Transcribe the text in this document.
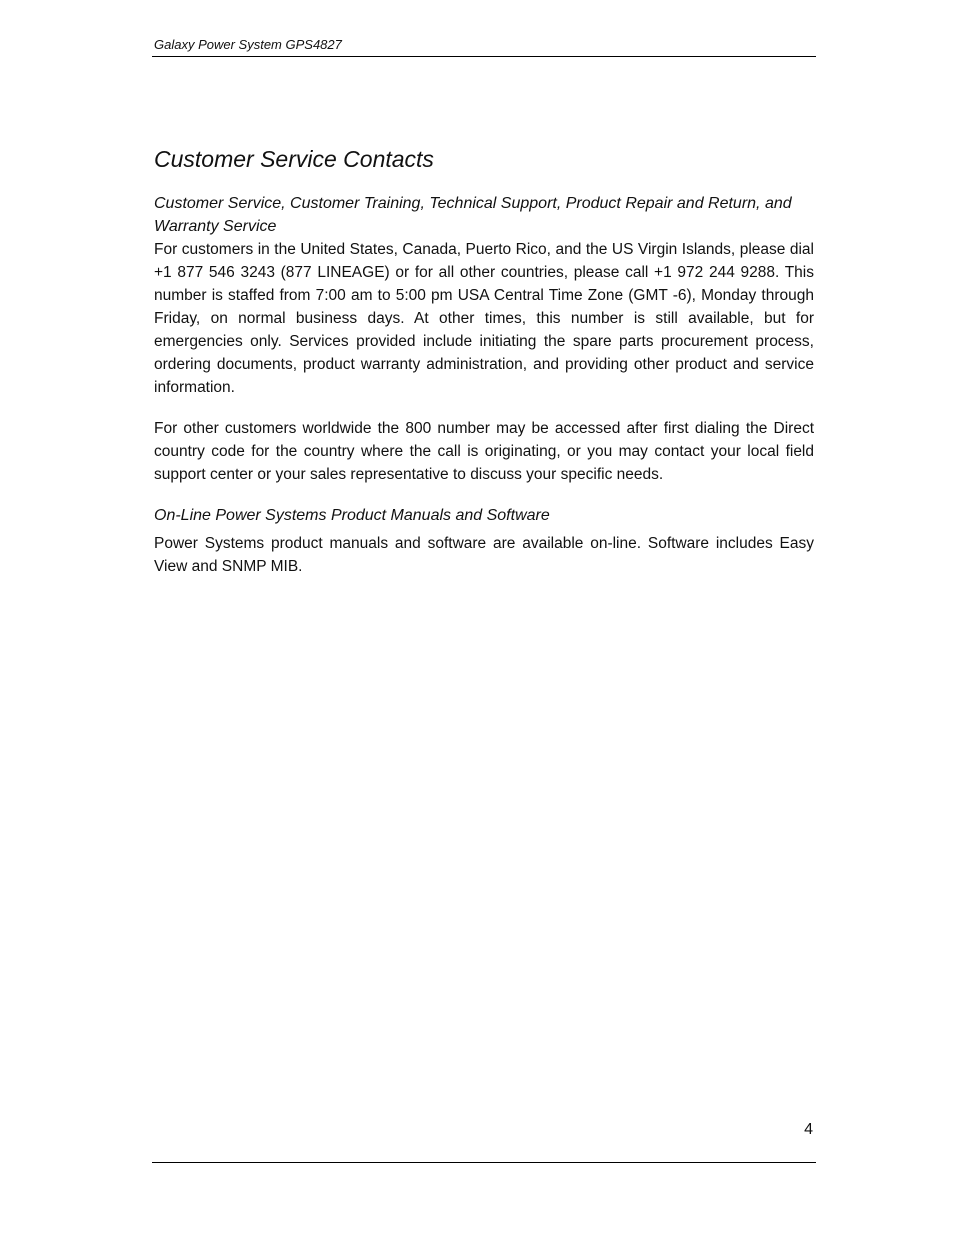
Galaxy Power System GPS4827
Customer Service Contacts

Customer Service, Customer Training, Technical Support, Product Repair and Return, and Warranty Service

For customers in the United States, Canada, Puerto Rico, and the US Virgin Islands, please dial +1 877 546 3243 (877 LINEAGE) or for all other countries, please call +1 972 244 9288. This number is staffed from 7:00 am to 5:00 pm USA Central Time Zone (GMT -6), Monday through Friday, on normal business days. At other times, this number is still available, but for emergencies only. Services provided include initiating the spare parts procurement process, ordering documents, product warranty administration, and providing other product and service information.

For other customers worldwide the 800 number may be accessed after first dialing the Direct country code for the country where the call is originating, or you may contact your local field support center or your sales representative to discuss your specific needs.

On-Line Power Systems Product Manuals and Software

Power Systems product manuals and software are available on-line. Software includes Easy View and SNMP MIB.

4
